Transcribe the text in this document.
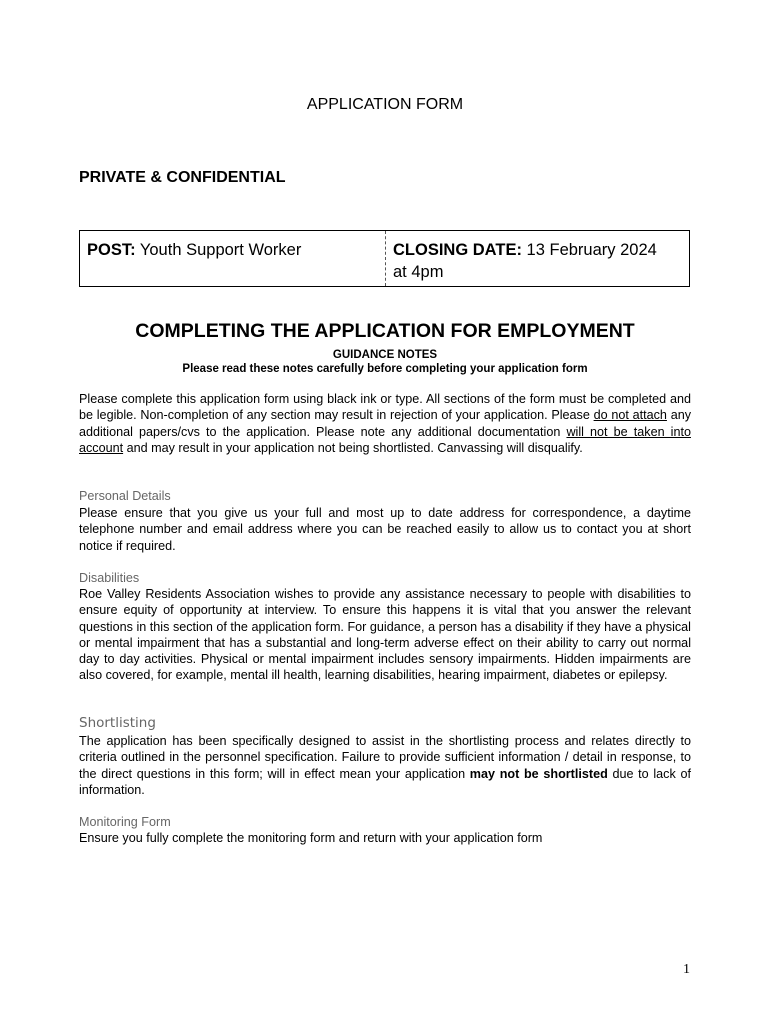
APPLICATION FORM
PRIVATE & CONFIDENTIAL
POST: Youth Support Worker	CLOSING DATE: 13 February 2024
at 4pm
COMPLETING THE APPLICATION FOR EMPLOYMENT
GUIDANCE NOTES
Please read these notes carefully before completing your application form

Please complete this application form using black ink or type. All sections of the form must be completed and be legible. Non-completion of any section may result in rejection of your application. Please do not attach any additional papers/cvs to the application. Please note any additional documentation will not be taken into account and may result in your application not being shortlisted. Canvassing will disqualify.

Personal Details

Please ensure that you give us your full and most up to date address for correspondence, a daytime telephone number and email address where you can be reached easily to allow us to contact you at short notice if required.

Disabilities

Roe Valley Residents Association wishes to provide any assistance necessary to people with disabilities to ensure equity of opportunity at interview. To ensure this happens it is vital that you answer the relevant questions in this section of the application form. For guidance, a person has a disability if they have a physical or mental impairment that has a substantial and long-term adverse effect on their ability to carry out normal day to day activities. Physical or mental impairment includes sensory impairments. Hidden impairments are also covered, for example, mental ill health, learning disabilities, hearing impairment, diabetes or epilepsy.

Shortlisting

The application has been specifically designed to assist in the shortlisting process and relates directly to criteria outlined in the personnel specification. Failure to provide sufficient information / detail in response, to the direct questions in this form; will in effect mean your application may not be shortlisted due to lack of information.

Monitoring Form

Ensure you fully complete the monitoring form and return with your application form

1
